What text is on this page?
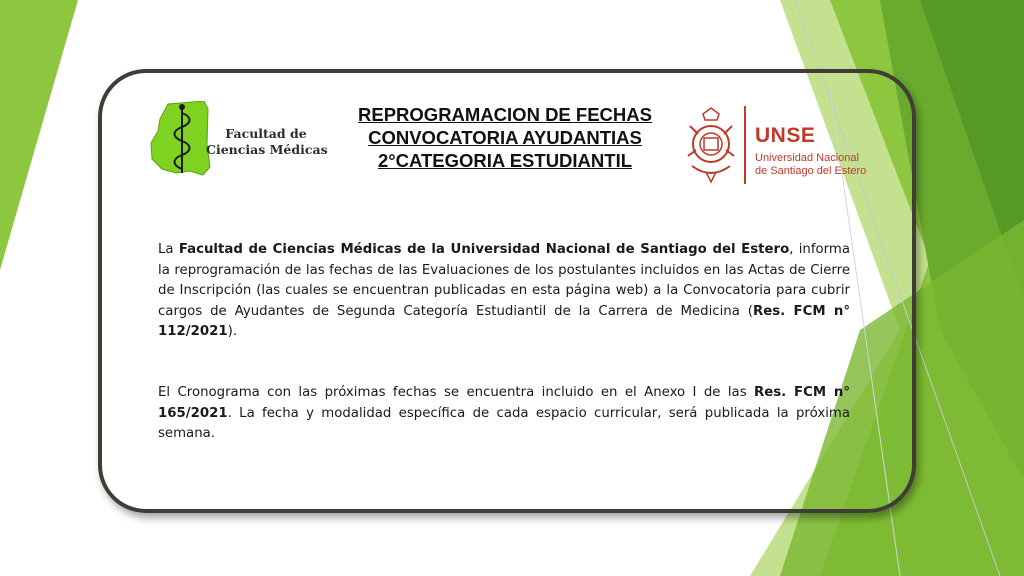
Facultad de
Ciencias Médicas
REPROGRAMACION DE FECHAS
CONVOCATORIA AYUDANTIAS
2°CATEGORIA ESTUDIANTIL
UNSE
Universidad Nacional
de Santiago del Estero
La Facultad de Ciencias Médicas de la Universidad Nacional de Santiago del Estero, informa la reprogramación de las fechas de las Evaluaciones de los postulantes incluidos en las Actas de Cierre de Inscripción (las cuales se encuentran publicadas en esta página web) a la Convocatoria para cubrir cargos de Ayudantes de Segunda Categoría Estudiantil de la Carrera de Medicina (Res. FCM n° 112/2021).
El Cronograma con las próximas fechas se encuentra incluido en el Anexo I de las Res. FCM n° 165/2021. La fecha y modalidad específica de cada espacio curricular, será publicada la próxima semana.
